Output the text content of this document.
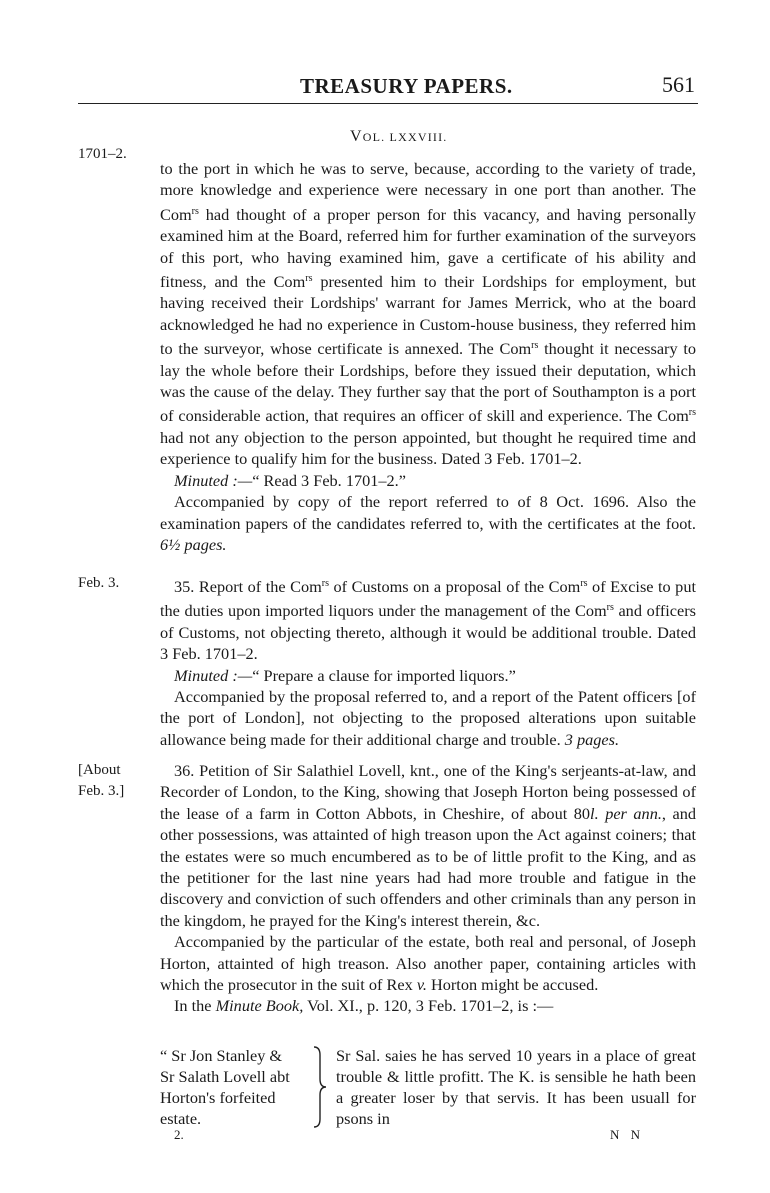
TREASURY PAPERS.	561
1701–2.
VOL. LXXVIII.

to the port in which he was to serve, because, according to the variety of trade, more knowledge and experience were necessary in one port than another. The Com$^{rs}$ had thought of a proper person for this vacancy, and having personally examined him at the Board, referred him for further examination of the surveyors of this port, who having examined him, gave a certificate of his ability and fitness, and the Com$^{rs}$ presented him to their Lordships for employment, but having received their Lordships' warrant for James Merrick, who at the board acknowledged he had no experience in Custom-house business, they referred him to the surveyor, whose certificate is annexed. The Com$^{rs}$ thought it necessary to lay the whole before their Lordships, before they issued their deputation, which was the cause of the delay. They further say that the port of Southampton is a port of considerable action, that requires an officer of skill and experience. The Com$^{rs}$ had not any objection to the person appointed, but thought he required time and experience to qualify him for the business. Dated 3 Feb. 1701–2.

Minuted :—“ Read 3 Feb. 1701–2.”

Accompanied by copy of the report referred to of 8 Oct. 1696. Also the examination papers of the candidates referred to, with the certificates at the foot. 6½ pages.

Feb. 3.	35. Report of the Com$^{rs}$ of Customs on a proposal of the Com$^{rs}$ of Excise to put the duties upon imported liquors under the management of the Com$^{rs}$ and officers of Customs, not objecting thereto, although it would be additional trouble. Dated 3 Feb. 1701–2.

Minuted :—“ Prepare a clause for imported liquors.”

Accompanied by the proposal referred to, and a report of the Patent officers [of the port of London], not objecting to the proposed alterations upon suitable allowance being made for their additional charge and trouble. 3 pages.

[About
Feb. 3.]

36. Petition of Sir Salathiel Lovell, knt., one of the King's serjeants-at-law, and Recorder of London, to the King, showing that Joseph Horton being possessed of the lease of a farm in Cotton Abbots, in Cheshire, of about 80l. per ann., and other possessions, was attainted of high treason upon the Act against coiners; that the estates were so much encumbered as to be of little profit to the King, and as the petitioner for the last nine years had had more trouble and fatigue in the discovery and conviction of such offenders and other criminals than any person in the kingdom, he prayed for the King's interest therein, &c.

Accompanied by the particular of the estate, both real and personal, of Joseph Horton, attainted of high treason. Also another paper, containing articles with which the prosecutor in the suit of Rex v. Horton might be accused.

In the Minute Book, Vol. XI., p. 120, 3 Feb. 1701–2, is :—

“ Sr Jon Stanley &
Sr Salath Lovell abt
Horton's forfeited
estate.
Sr Sal. saies he has served 10 years in a place of great trouble & little profitt. The K. is sensible he hath been a greater loser by that servis. It has been usuall for psons in
2.	N N
